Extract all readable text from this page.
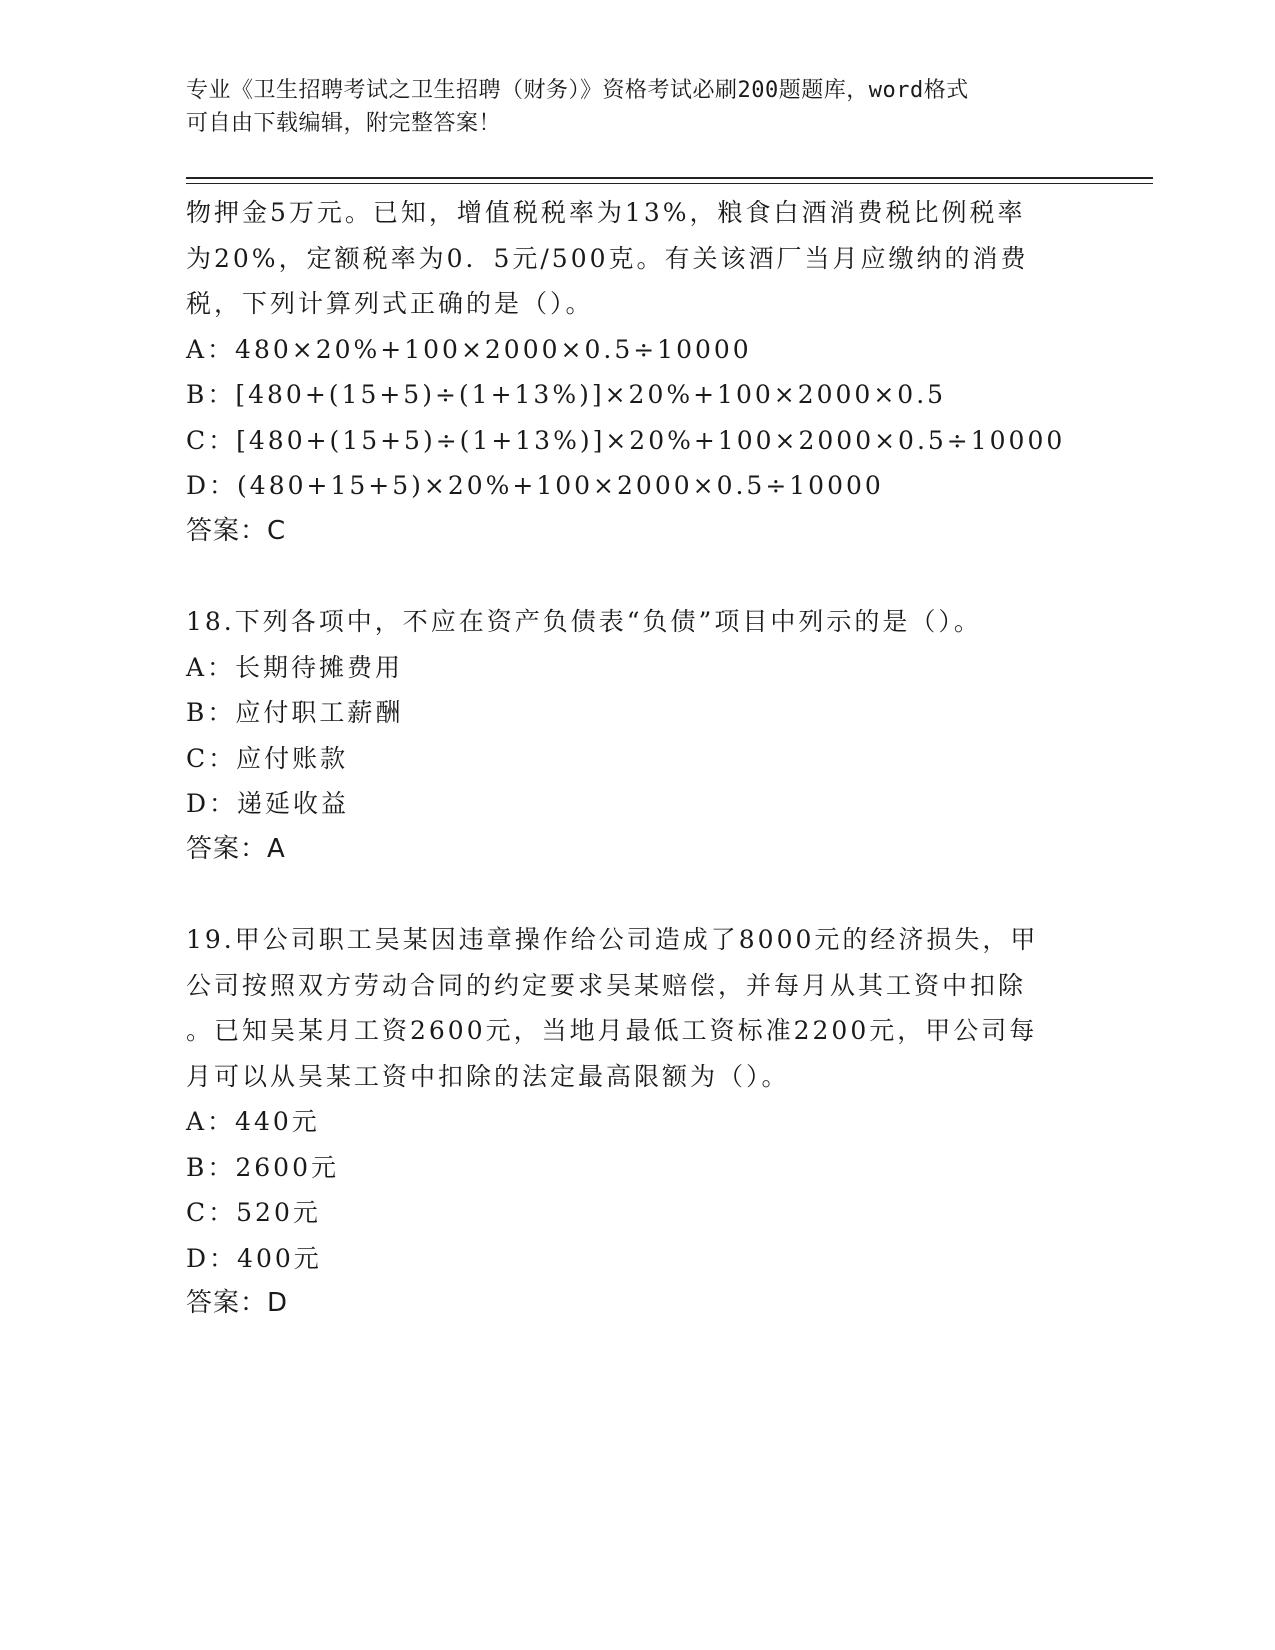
专业《卫生招聘考试之卫生招聘（财务）》资格考试必刷200题题库，word格式
可自由下载编辑，附完整答案！
物押金5万元。已知，增值税税率为13%，粮食白酒消费税比例税率
为20%，定额税率为0．5元/500克。有关该酒厂当月应缴纳的消费
税，下列计算列式正确的是（）。
A：480×20%+100×2000×0.5÷10000
B：[480+(15+5)÷(1+13%)]×20%+100×2000×0.5
C：[480+(15+5)÷(1+13%)]×20%+100×2000×0.5÷10000
D：(480+15+5)×20%+100×2000×0.5÷10000
答案：C
18.下列各项中，不应在资产负债表“负债”项目中列示的是（）。
A：长期待摊费用
B：应付职工薪酬
C：应付账款
D：递延收益
答案：A
19.甲公司职工吴某因违章操作给公司造成了8000元的经济损失，甲
公司按照双方劳动合同的约定要求吴某赔偿，并每月从其工资中扣除
。已知吴某月工资2600元，当地月最低工资标准2200元，甲公司每
月可以从吴某工资中扣除的法定最高限额为（）。
A：440元
B：2600元
C：520元
D：400元
答案：D
